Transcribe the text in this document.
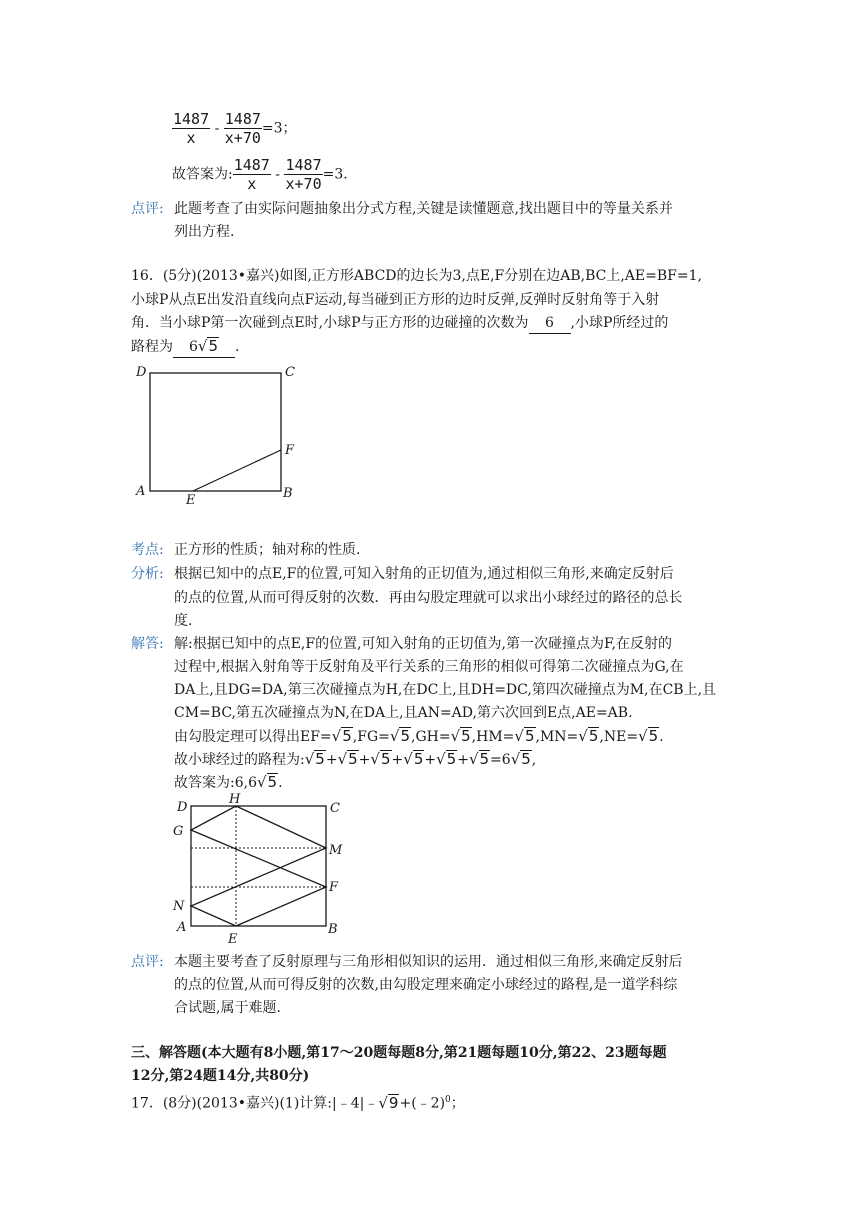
$\frac{1487}{x} - \frac{1487}{x+70} =3$；
故答案为: $\frac{1487}{x} - \frac{1487}{x+70} =3$.
点评: 此题考查了由实际问题抽象出分式方程,关键是读懂题意,找出题目中的等量关系并
列出方程.
16．(5分)(2013•嘉兴)如图,正方形ABCD的边长为3,点E,F分别在边AB,BC上,AE=BF=1,
小球P从点E出发沿直线向点F运动,每当碰到正方形的边时反弹,反弹时反射角等于入射
角．当小球P第一次碰到点E时,小球P与正方形的边碰撞的次数为 6 ,小球P所经过的
路程为 6√5 .
D	C
F
A	B
E
考点: 正方形的性质；轴对称的性质.
分析: 根据已知中的点E,F的位置,可知入射角的正切值为,通过相似三角形,来确定反射后
的点的位置,从而可得反射的次数．再由勾股定理就可以求出小球经过的路径的总长
度.
解答: 解:根据已知中的点E,F的位置,可知入射角的正切值为,第一次碰撞点为F,在反射的
过程中,根据入射角等于反射角及平行关系的三角形的相似可得第二次碰撞点为G,在
DA上,且DG=DA,第三次碰撞点为H,在DC上,且DH=DC,第四次碰撞点为M,在CB上,且
CM=BC,第五次碰撞点为N,在DA上,且AN=AD,第六次回到E点,AE=AB.
由勾股定理可以得出EF=√5,FG=√5,GH=√5,HM=√5,MN=√5,NE=√5.
故小球经过的路程为:√5+√5+√5+√5+√5+√5=6√5,
故答案为:6,6√5.
D
H
C
G
M
F
N
A	B
E
点评: 本题主要考查了反射原理与三角形相似知识的运用．通过相似三角形,来确定反射后
的点的位置,从而可得反射的次数,由勾股定理来确定小球经过的路程,是一道学科综
合试题,属于难题.
三、解答题(本大题有8小题,第17～20题每题8分,第21题每题10分,第22、23题每题
12分,第24题14分,共80分)
17．(8分)(2013•嘉兴)(1)计算:|﹣4|﹣√9+(﹣2)$^0$；
